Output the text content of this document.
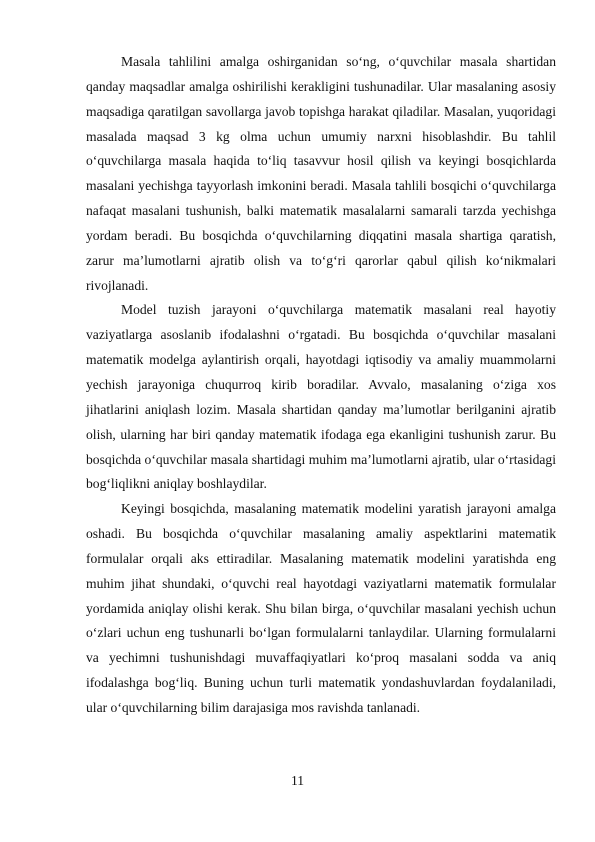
Masala tahlilini amalga oshirganidan so‘ng, o‘quvchilar masala shartidan qanday maqsadlar amalga oshirilishi kerakligini tushunadilar. Ular masalaning asosiy maqsadiga qaratilgan savollarga javob topishga harakat qiladilar. Masalan, yuqoridagi masalada maqsad 3 kg olma uchun umumiy narxni hisoblashdir. Bu tahlil o‘quvchilarga masala haqida to‘liq tasavvur hosil qilish va keyingi bosqichlarda masalani yechishga tayyorlash imkonini beradi. Masala tahlili bosqichi o‘quvchilarga nafaqat masalani tushunish, balki matematik masalalarni samarali tarzda yechishga yordam beradi. Bu bosqichda o‘quvchilarning diqqatini masala shartiga qaratish, zarur ma’lumotlarni ajratib olish va to‘g‘ri qarorlar qabul qilish ko‘nikmalari rivojlanadi.

Model tuzish jarayoni o‘quvchilarga matematik masalani real hayotiy vaziyatlarga asoslanib ifodalashni o‘rgatadi. Bu bosqichda o‘quvchilar masalani matematik modelga aylantirish orqali, hayotdagi iqtisodiy va amaliy muammolarni yechish jarayoniga chuqurroq kirib boradilar. Avvalo, masalaning o‘ziga xos jihatlarini aniqlash lozim. Masala shartidan qanday ma’lumotlar berilganini ajratib olish, ularning har biri qanday matematik ifodaga ega ekanligini tushunish zarur. Bu bosqichda o‘quvchilar masala shartidagi muhim ma’lumotlarni ajratib, ular o‘rtasidagi bog‘liqlikni aniqlay boshlaydilar.

Keyingi bosqichda, masalaning matematik modelini yaratish jarayoni amalga oshadi. Bu bosqichda o‘quvchilar masalaning amaliy aspektlarini matematik formulalar orqali aks ettiradilar. Masalaning matematik modelini yaratishda eng muhim jihat shundaki, o‘quvchi real hayotdagi vaziyatlarni matematik formulalar yordamida aniqlay olishi kerak. Shu bilan birga, o‘quvchilar masalani yechish uchun o‘zlari uchun eng tushunarli bo‘lgan formulalarni tanlaydilar. Ularning formulalarni va yechimni tushunishdagi muvaffaqiyatlari ko‘proq masalani sodda va aniq ifodalashga bog‘liq. Buning uchun turli matematik yondashuvlardan foydalaniladi, ular o‘quvchilarning bilim darajasiga mos ravishda tanlanadi.

11
